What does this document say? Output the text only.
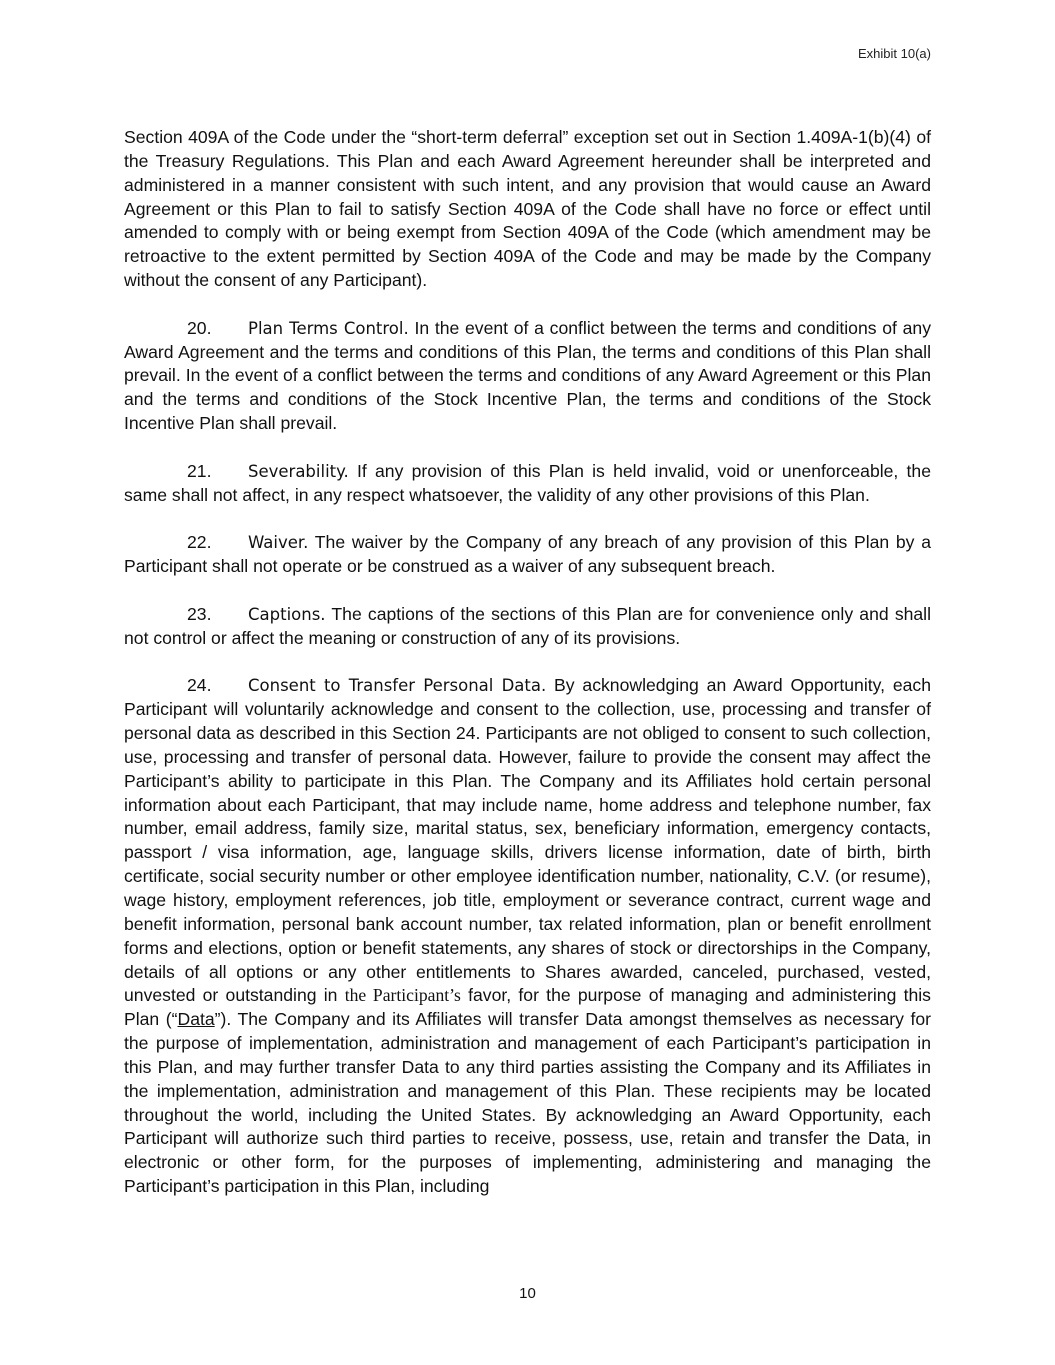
Exhibit 10(a)

Section 409A of the Code under the “short-term deferral” exception set out in Section 1.409A-1(b)(4) of the Treasury Regulations. This Plan and each Award Agreement hereunder shall be interpreted and administered in a manner consistent with such intent, and any provision that would cause an Award Agreement or this Plan to fail to satisfy Section 409A of the Code shall have no force or effect until amended to comply with or being exempt from Section 409A of the Code (which amendment may be retroactive to the extent permitted by Section 409A of the Code and may be made by the Company without the consent of any Participant).

20. Plan Terms Control. In the event of a conflict between the terms and conditions of any Award Agreement and the terms and conditions of this Plan, the terms and conditions of this Plan shall prevail. In the event of a conflict between the terms and conditions of any Award Agreement or this Plan and the terms and conditions of the Stock Incentive Plan, the terms and conditions of the Stock Incentive Plan shall prevail.

21. Severability. If any provision of this Plan is held invalid, void or unenforceable, the same shall not affect, in any respect whatsoever, the validity of any other provisions of this Plan.

22. Waiver. The waiver by the Company of any breach of any provision of this Plan by a Participant shall not operate or be construed as a waiver of any subsequent breach.

23. Captions. The captions of the sections of this Plan are for convenience only and shall not control or affect the meaning or construction of any of its provisions.

24. Consent to Transfer Personal Data. By acknowledging an Award Opportunity, each Participant will voluntarily acknowledge and consent to the collection, use, processing and transfer of personal data as described in this Section 24. Participants are not obliged to consent to such collection, use, processing and transfer of personal data. However, failure to provide the consent may affect the Participant’s ability to participate in this Plan. The Company and its Affiliates hold certain personal information about each Participant, that may include name, home address and telephone number, fax number, email address, family size, marital status, sex, beneficiary information, emergency contacts, passport / visa information, age, language skills, drivers license information, date of birth, birth certificate, social security number or other employee identification number, nationality, C.V. (or resume), wage history, employment references, job title, employment or severance contract, current wage and benefit information, personal bank account number, tax related information, plan or benefit enrollment forms and elections, option or benefit statements, any shares of stock or directorships in the Company, details of all options or any other entitlements to Shares awarded, canceled, purchased, vested, unvested or outstanding in the Participant’s favor, for the purpose of managing and administering this Plan (“Data”). The Company and its Affiliates will transfer Data amongst themselves as necessary for the purpose of implementation, administration and management of each Participant’s participation in this Plan, and may further transfer Data to any third parties assisting the Company and its Affiliates in the implementation, administration and management of this Plan. These recipients may be located throughout the world, including the United States. By acknowledging an Award Opportunity, each Participant will authorize such third parties to receive, possess, use, retain and transfer the Data, in electronic or other form, for the purposes of implementing, administering and managing the Participant’s participation in this Plan, including

10
